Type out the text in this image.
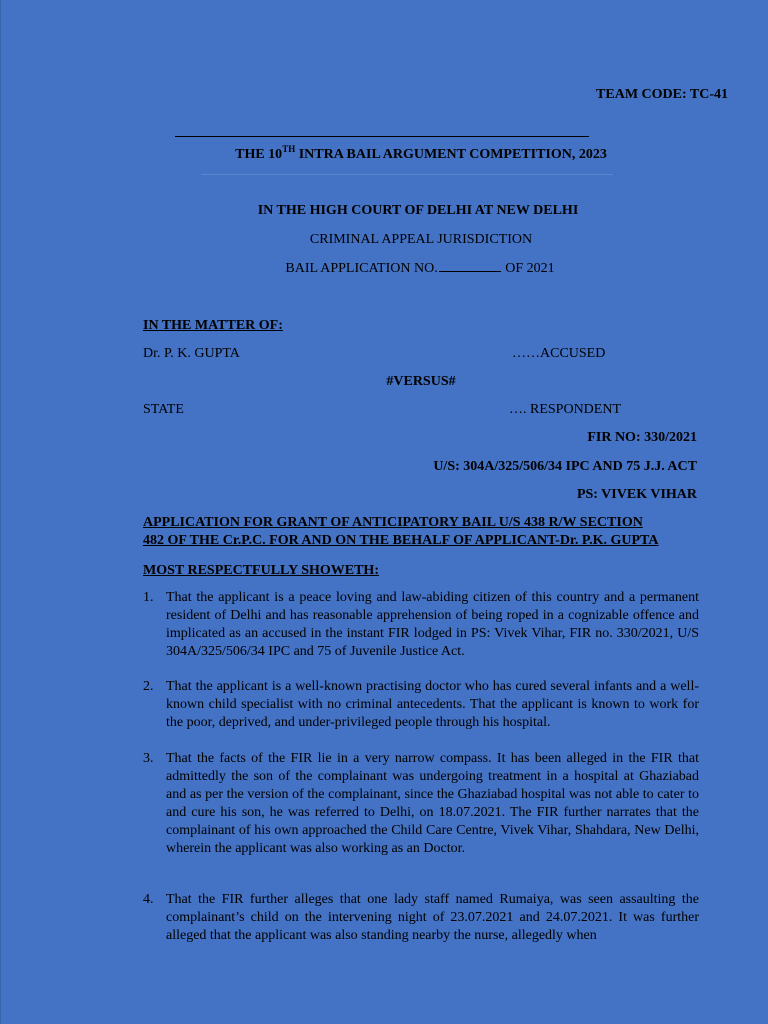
TEAM CODE: TC-41
THE 10TH INTRA BAIL ARGUMENT COMPETITION, 2023
IN THE HIGH COURT OF DELHI AT NEW DELHI
CRIMINAL APPEAL JURISDICTION
BAIL APPLICATION NO.	OF 2021
IN THE MATTER OF:
Dr. P. K. GUPTA	……ACCUSED
#VERSUS#
STATE	…. RESPONDENT
FIR NO: 330/2021
U/S: 304A/325/506/34 IPC AND 75 J.J. ACT
PS: VIVEK VIHAR
APPLICATION FOR GRANT OF ANTICIPATORY BAIL U/S 438 R/W SECTION
482 OF THE Cr.P.C. FOR AND ON THE BEHALF OF APPLICANT-Dr. P.K. GUPTA
MOST RESPECTFULLY SHOWETH:
1. That the applicant is a peace loving and law-abiding citizen of this country and a permanent resident of Delhi and has reasonable apprehension of being roped in a cognizable offence and implicated as an accused in the instant FIR lodged in PS: Vivek Vihar, FIR no. 330/2021, U/S 304A/325/506/34 IPC and 75 of Juvenile Justice Act.
2. That the applicant is a well-known practising doctor who has cured several infants and a well-known child specialist with no criminal antecedents. That the applicant is known to work for the poor, deprived, and under-privileged people through his hospital.
3. That the facts of the FIR lie in a very narrow compass. It has been alleged in the FIR that admittedly the son of the complainant was undergoing treatment in a hospital at Ghaziabad and as per the version of the complainant, since the Ghaziabad hospital was not able to cater to and cure his son, he was referred to Delhi, on 18.07.2021. The FIR further narrates that the complainant of his own approached the Child Care Centre, Vivek Vihar, Shahdara, New Delhi, wherein the applicant was also working as an Doctor.
4. That the FIR further alleges that one lady staff named Rumaiya, was seen assaulting the complainant’s child on the intervening night of 23.07.2021 and 24.07.2021. It was further alleged that the applicant was also standing nearby the nurse, allegedly when
